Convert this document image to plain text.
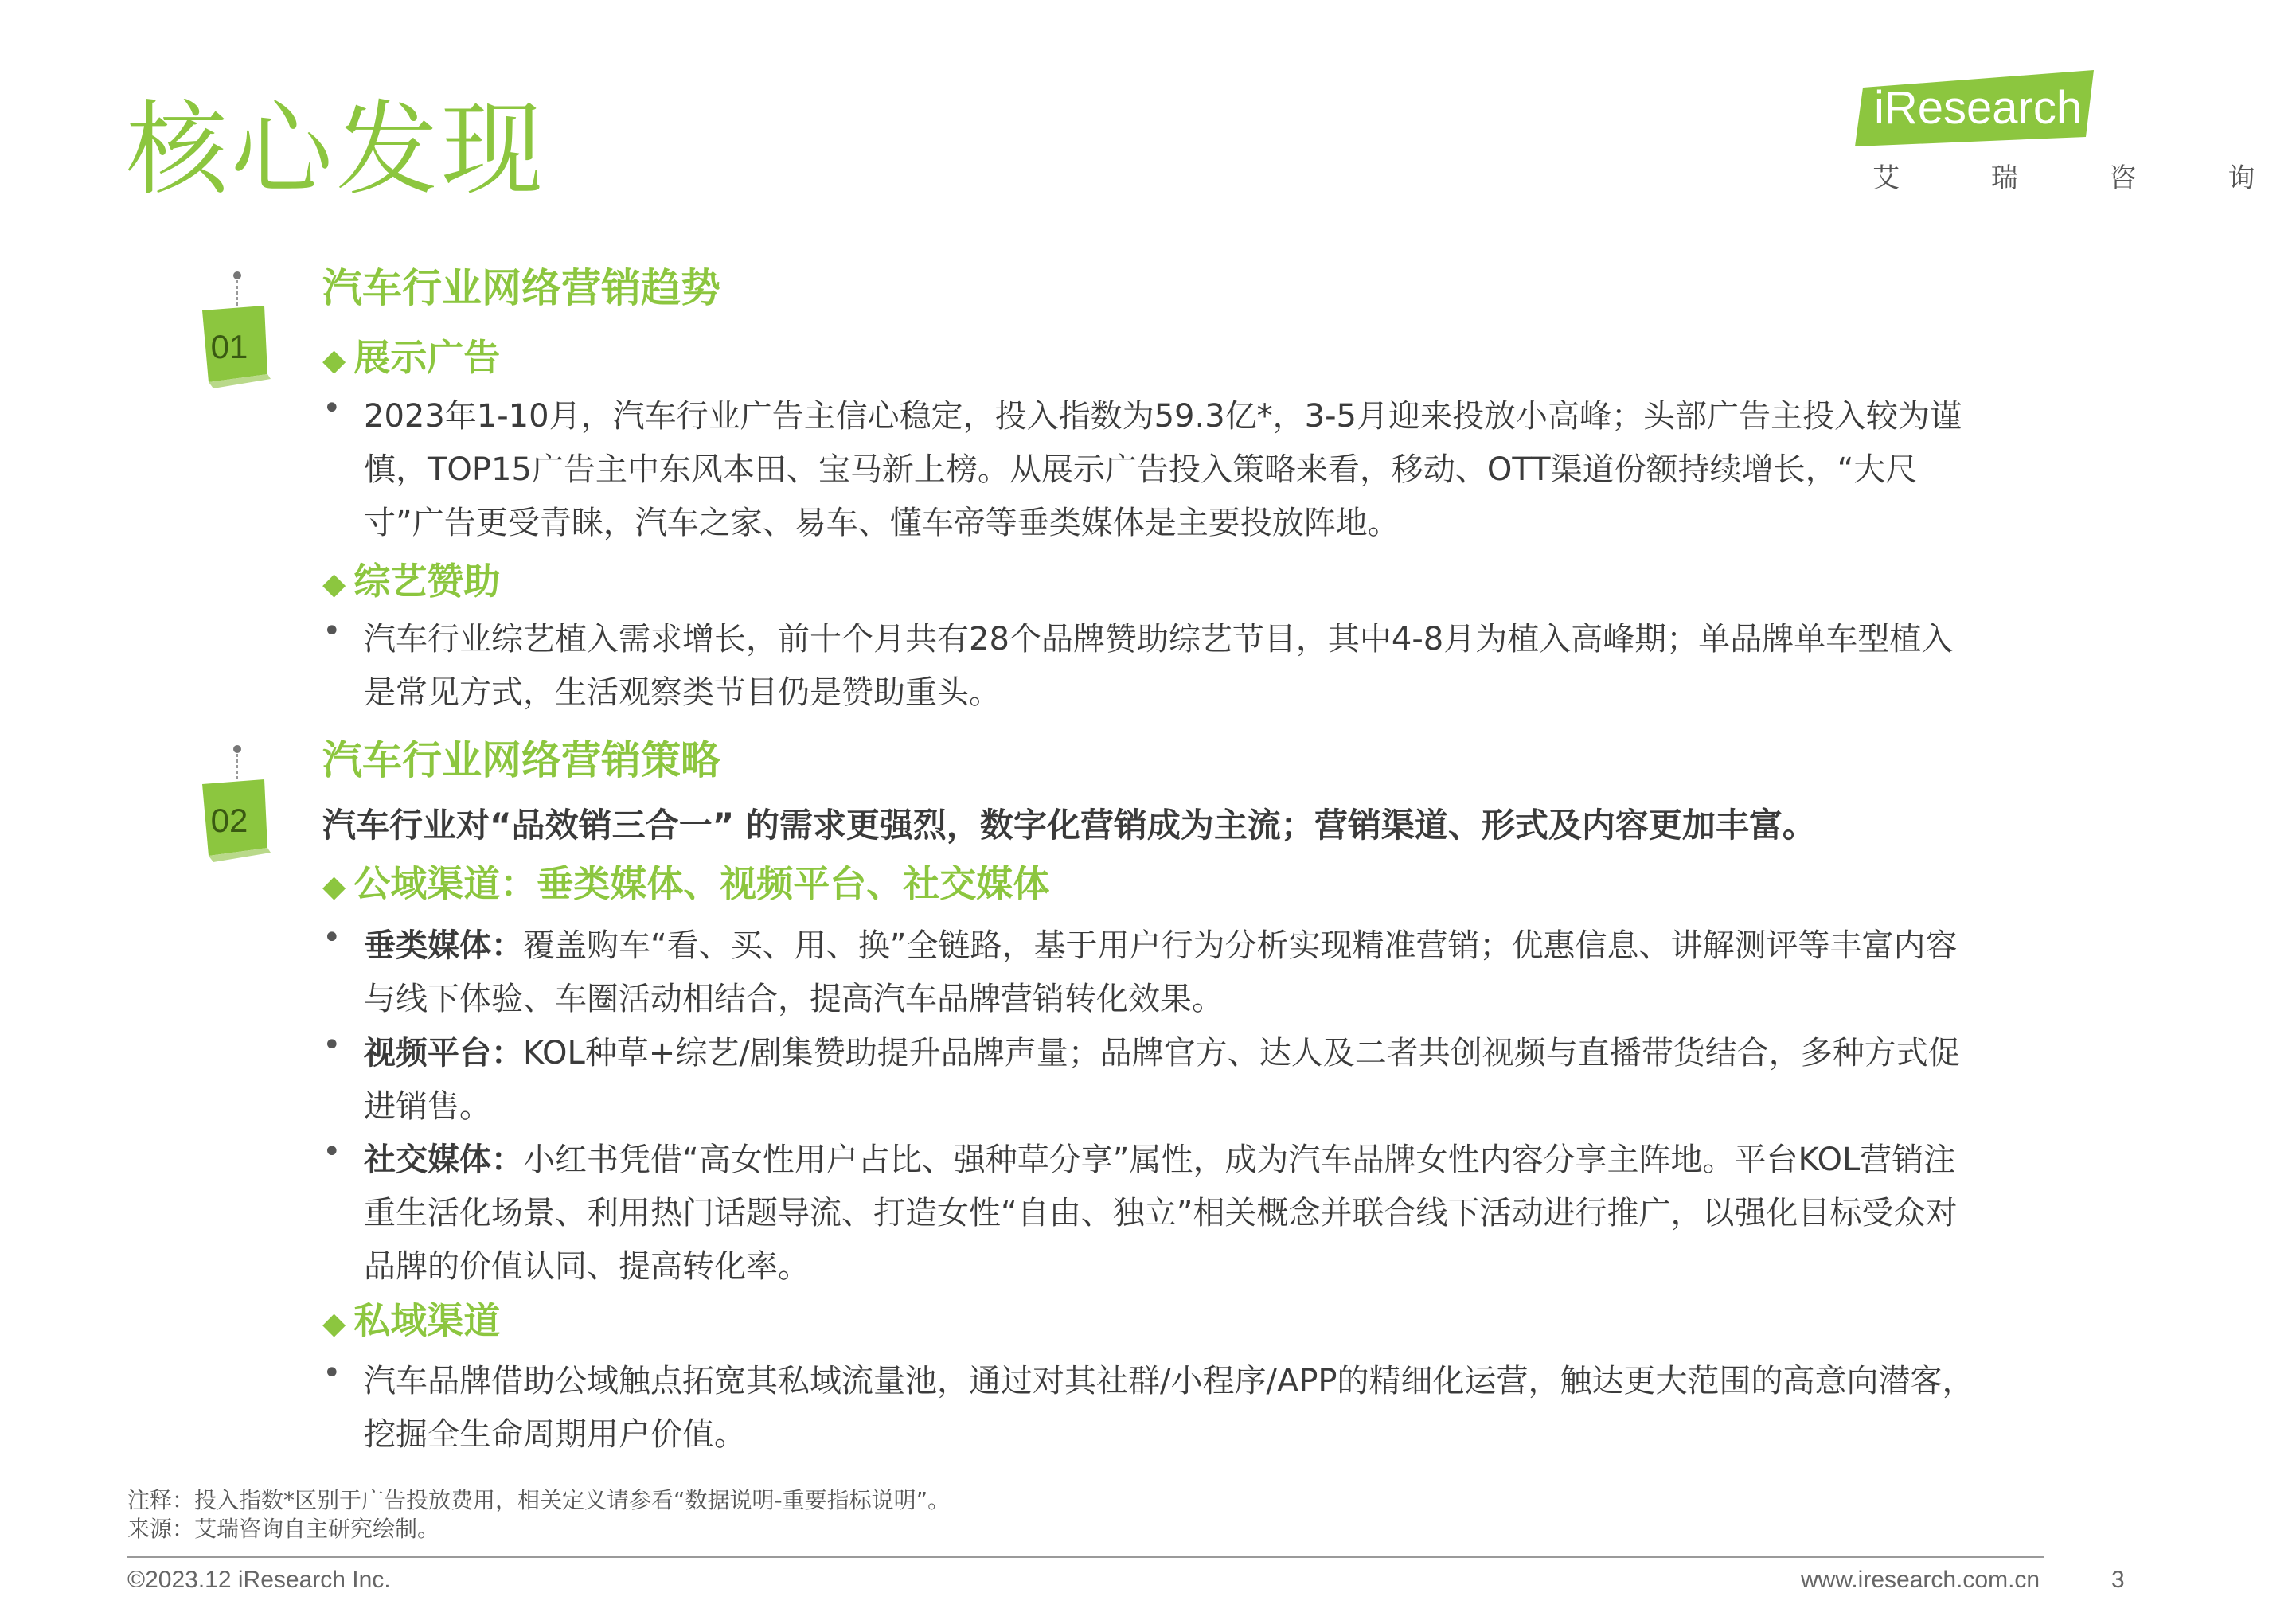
核心发现	iResearch
艾 瑞 咨 询
01
汽车行业网络营销趋势
◆ 展示广告
• 2023年1-10月，汽车行业广告主信心稳定，投入指数为59.3亿*，3-5月迎来投放小高峰；头部广告主投入较为谨慎，TOP15广告主中东风本田、宝马新上榜。从展示广告投入策略来看，移动、OTT渠道份额持续增长，“大尺寸”广告更受青睐，汽车之家、易车、懂车帝等垂类媒体是主要投放阵地。
◆ 综艺赞助
• 汽车行业综艺植入需求增长，前十个月共有28个品牌赞助综艺节目，其中4-8月为植入高峰期；单品牌单车型植入是常见方式，生活观察类节目仍是赞助重头。
02
汽车行业网络营销策略
汽车行业对“品效销三合一” 的需求更强烈，数字化营销成为主流；营销渠道、形式及内容更加丰富。
◆ 公域渠道：垂类媒体、视频平台、社交媒体
• 垂类媒体：覆盖购车“看、买、用、换”全链路，基于用户行为分析实现精准营销；优惠信息、讲解测评等丰富内容与线下体验、车圈活动相结合，提高汽车品牌营销转化效果。
• 视频平台：KOL种草+综艺/剧集赞助提升品牌声量；品牌官方、达人及二者共创视频与直播带货结合，多种方式促进销售。
• 社交媒体：小红书凭借“高女性用户占比、强种草分享”属性，成为汽车品牌女性内容分享主阵地。平台KOL营销注重生活化场景、利用热门话题导流、打造女性“自由、独立”相关概念并联合线下活动进行推广，以强化目标受众对品牌的价值认同、提高转化率。
◆ 私域渠道
• 汽车品牌借助公域触点拓宽其私域流量池，通过对其社群/小程序/APP的精细化运营，触达更大范围的高意向潜客，挖掘全生命周期用户价值。
注释：投入指数*区别于广告投放费用，相关定义请参看“数据说明-重要指标说明”。
来源：艾瑞咨询自主研究绘制。
©2023.12 iResearch Inc.	www.iresearch.com.cn	3
